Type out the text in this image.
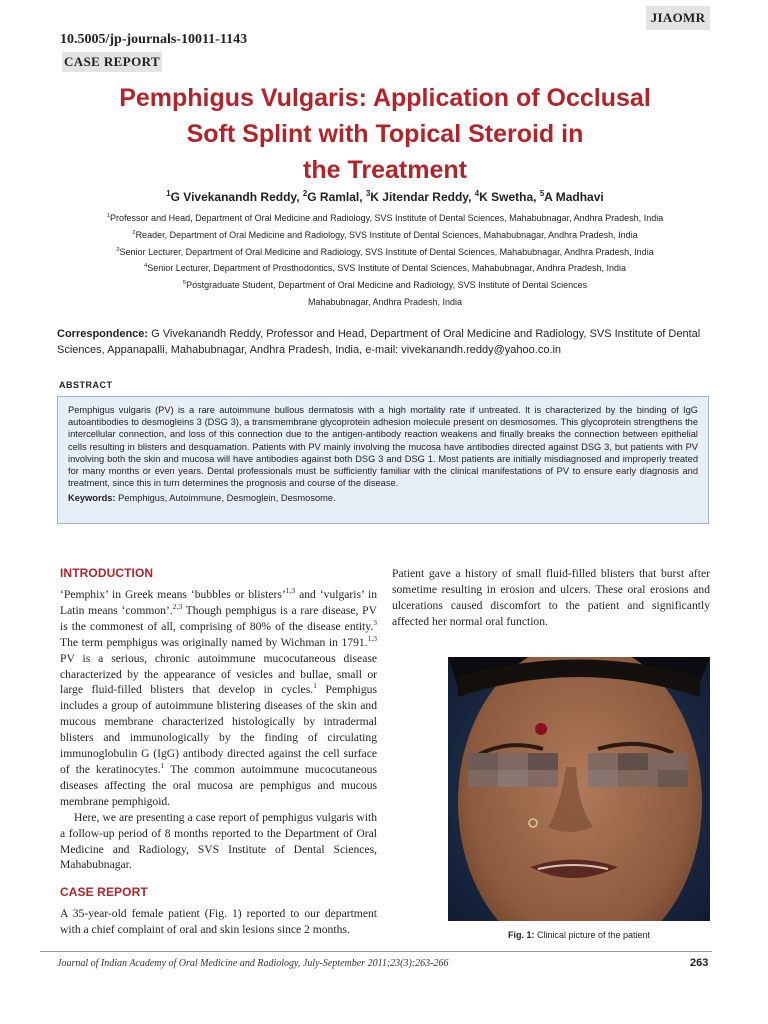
JIAOMR
10.5005/jp-journals-10011-1143
CASE REPORT
Pemphigus Vulgaris: Application of Occlusal
Soft Splint with Topical Steroid in
the Treatment
$^1$G Vivekanandh Reddy, $^2$G Ramlal, $^3$K Jitendar Reddy, $^4$K Swetha, $^5$A Madhavi
$^1$Professor and Head, Department of Oral Medicine and Radiology, SVS Institute of Dental Sciences, Mahabubnagar, Andhra Pradesh, India
$^2$Reader, Department of Oral Medicine and Radiology, SVS Institute of Dental Sciences, Mahabubnagar, Andhra Pradesh, India
$^3$Senior Lecturer, Department of Oral Medicine and Radiology, SVS Institute of Dental Sciences, Mahabubnagar, Andhra Pradesh, India
$^4$Senior Lecturer, Department of Prosthodontics, SVS Institute of Dental Sciences, Mahabubnagar, Andhra Pradesh, India
$^5$Postgraduate Student, Department of Oral Medicine and Radiology, SVS Institute of Dental Sciences
Mahabubnagar, Andhra Pradesh, India
Correspondence: G Vivekanandh Reddy, Professor and Head, Department of Oral Medicine and Radiology, SVS Institute of Dental Sciences, Appanapalli, Mahabubnagar, Andhra Pradesh, India, e-mail: vivekanandh.reddy@yahoo.co.in
ABSTRACT

Pemphigus vulgaris (PV) is a rare autoimmune bullous dermatosis with a high mortality rate if untreated. It is characterized by the binding of IgG autoantibodies to desmogleins 3 (DSG 3), a transmembrane glycoprotein adhesion molecule present on desmosomes. This glycoprotein strengthens the intercellular connection, and loss of this connection due to the antigen-antibody reaction weakens and finally breaks the connection between epithelial cells resulting in blisters and desquamation. Patients with PV mainly involving the mucosa have antibodies directed against DSG 3, but patients with PV involving both the skin and mucosa will have antibodies against both DSG 3 and DSG 1. Most patients are initially misdiagnosed and improperly treated for many months or even years. Dental professionals must be sufficiently familiar with the clinical manifestations of PV to ensure early diagnosis and treatment, since this in turn determines the prognosis and course of the disease.

Keywords: Pemphigus, Autoimmune, Desmoglein, Desmosome.

INTRODUCTION

‘Pemphix’ in Greek means ‘bubbles or blisters’$^{1,3}$ and ‘vulgaris’ in Latin means ‘common’.$^{2,3}$ Though pemphigus is a rare disease, PV is the commonest of all, comprising of 80% of the disease entity.$^3$ The term pemphigus was originally named by Wichman in 1791.$^{1,3}$ PV is a serious, chronic autoimmune mucocutaneous disease characterized by the appearance of vesicles and bullae, small or large fluid-filled blisters that develop in cycles.$^1$ Pemphigus includes a group of autoimmune blistering diseases of the skin and mucous membrane characterized histologically by intradermal blisters and immunologically by the finding of circulating immunoglobulin G (IgG) antibody directed against the cell surface of the keratinocytes.$^1$ The common autoimmune mucocutaneous diseases affecting the oral mucosa are pemphigus and mucous membrane pemphigoid.

Here, we are presenting a case report of pemphigus vulgaris with a follow-up period of 8 months reported to the Department of Oral Medicine and Radiology, SVS Institute of Dental Sciences, Mahabubnagar.

CASE REPORT

A 35-year-old female patient (Fig. 1) reported to our department with a chief complaint of oral and skin lesions since 2 months.

Patient gave a history of small fluid-filled blisters that burst after sometime resulting in erosion and ulcers. These oral erosions and ulcerations caused discomfort to the patient and significantly affected her normal oral function.

Fig. 1: Clinical picture of the patient
Journal of Indian Academy of Oral Medicine and Radiology, July-September 2011;23(3):263-266	263
